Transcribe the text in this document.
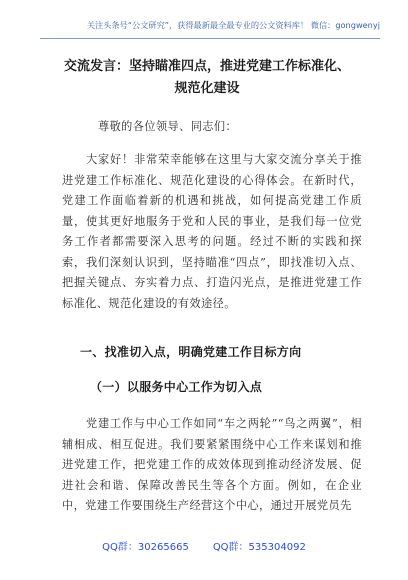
关注头条号“公文研究”，获得最新最全最专业的公文资料库！ 微信：gongwenyj
交流发言：坚持瞄准四点，推进党建工作标准化、规范化建设
尊敬的各位领导、同志们：
大家好！非常荣幸能够在这里与大家交流分享关于推进党建工作标准化、规范化建设的心得体会。在新时代，党建工作面临着新的机遇和挑战，如何提高党建工作质量，使其更好地服务于党和人民的事业，是我们每一位党务工作者都需要深入思考的问题。经过不断的实践和探索，我们深刻认识到，坚持瞄准“四点”，即找准切入点、把握关键点、夯实着力点、打造闪光点，是推进党建工作标准化、规范化建设的有效途径。
一、找准切入点，明确党建工作目标方向
（一）以服务中心工作为切入点
党建工作与中心工作如同“车之两轮”“鸟之两翼”，相辅相成、相互促进。我们要紧紧围绕中心工作来谋划和推进党建工作，把党建工作的成效体现到推动经济发展、促进社会和谐、保障改善民生等各个方面。例如，在企业中，党建工作要围绕生产经营这个中心，通过开展党员先
QQ群：30265665 QQ群：535304092
